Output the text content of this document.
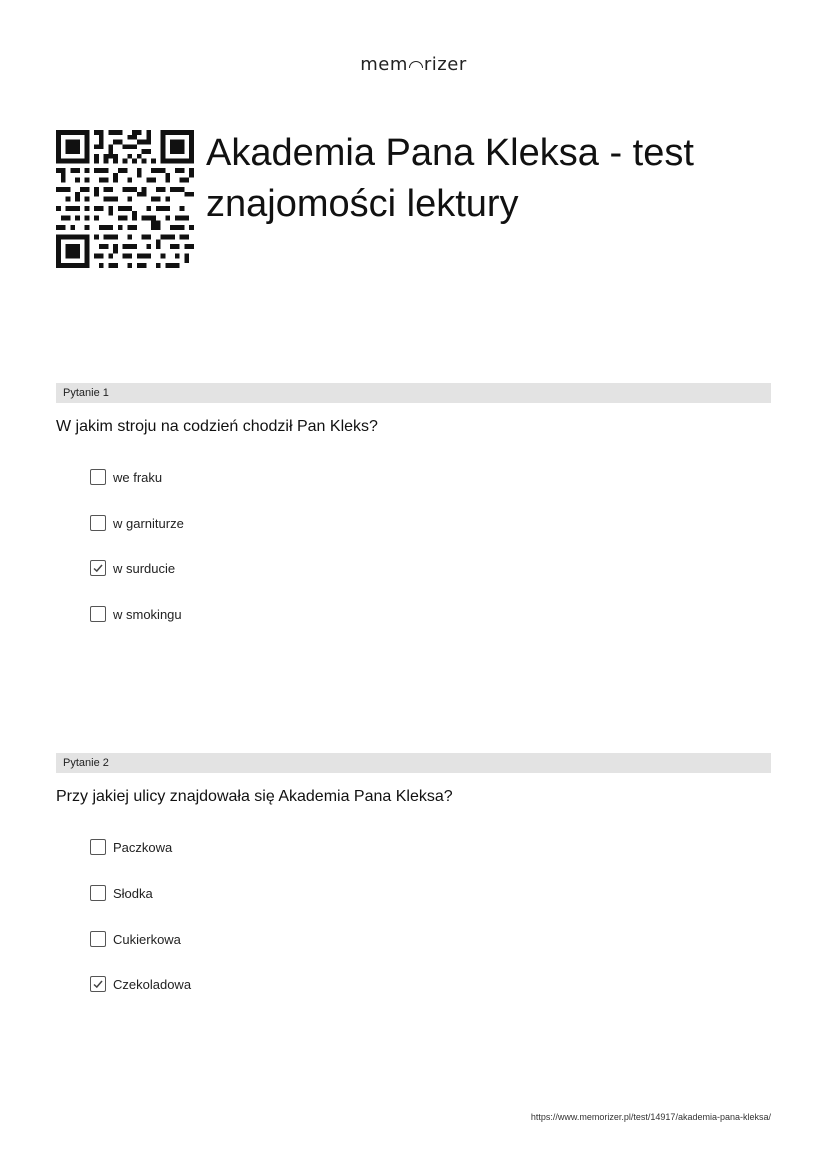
mem rizer
Akademia Pana Kleksa - test znajomości lektury
Pytanie 1
W jakim stroju na codzień chodził Pan Kleks?
we fraku
w garniturze
w surducie
w smokingu
Pytanie 2
Przy jakiej ulicy znajdowała się Akademia Pana Kleksa?
Paczkowa
Słodka
Cukierkowa
Czekoladowa
https://www.memorizer.pl/test/14917/akademia-pana-kleksa/
